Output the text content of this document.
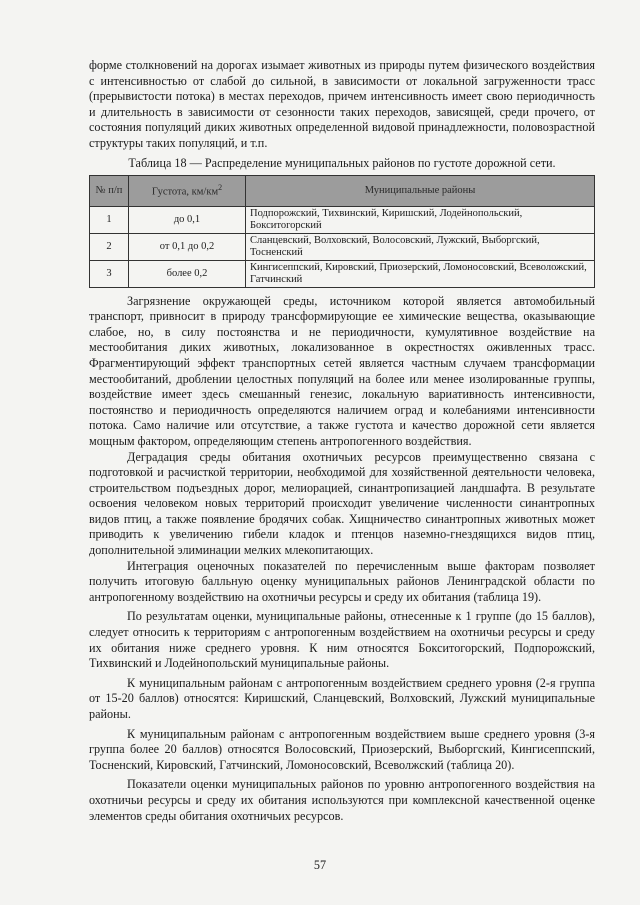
форме столкновений на дорогах изымает животных из природы путем физического воздействия с интенсивностью от слабой до сильной, в зависимости от локальной загруженности трасс (прерывистости потока) в местах переходов, причем интенсивность имеет свою периодичность и длительность в зависимости от сезонности таких переходов, зависящей, среди прочего, от состояния популяций диких животных определенной видовой принадлежности, половозрастной структуры таких популяций, и т.п.

Таблица 18 — Распределение муниципальных районов по густоте дорожной сети.
№ п/п	Густота, $км/км^2$	Муниципальные районы
1	до 0,1	Подпорожский, Тихвинский, Киришский, Лодейнопольский, Бокситогорский
2	от 0,1 до 0,2	Сланцевский, Волховский, Волосовский, Лужский, Выборгский, Тосненский
3	более 0,2	Кингисеппский, Кировский, Приозерский, Ломоносовский, Всеволожский, Гатчинский

Загрязнение окружающей среды, источником которой является автомобильный транспорт, привносит в природу трансформирующие ее химические вещества, оказывающие слабое, но, в силу постоянства и не периодичности, кумулятивное воздействие на местообитания диких животных, локализованное в окрестностях оживленных трасс. Фрагментирующий эффект транспортных сетей является частным случаем трансформации местообитаний, дроблении целостных популяций на более или менее изолированные группы, воздействие имеет здесь смешанный генезис, локальную вариативность интенсивности, постоянство и периодичность определяются наличием оград и колебаниями интенсивности потока. Само наличие или отсутствие, а также густота и качество дорожной сети является мощным фактором, определяющим степень антропогенного воздействия.

Деградация среды обитания охотничьих ресурсов преимущественно связана с подготовкой и расчисткой территории, необходимой для хозяйственной деятельности человека, строительством подъездных дорог, мелиорацией, синантропизацией ландшафта. В результате освоения человеком новых территорий происходит увеличение численности синантропных видов птиц, а также появление бродячих собак. Хищничество синантропных животных может приводить к увеличению гибели кладок и птенцов наземно-гнездящихся видов птиц, дополнительной элиминации мелких млекопитающих.

Интеграция оценочных показателей по перечисленным выше факторам позволяет получить итоговую балльную оценку муниципальных районов Ленинградской области по антропогенному воздействию на охотничьи ресурсы и среду их обитания (таблица 19).

По результатам оценки, муниципальные районы, отнесенные к 1 группе (до 15 баллов), следует относить к территориям с антропогенным воздействием на охотничьи ресурсы и среду их обитания ниже среднего уровня. К ним относятся Бокситогорский, Подпорожский, Тихвинский и Лодейнопольский муниципальные районы.

К муниципальным районам с антропогенным воздействием среднего уровня (2-я группа от 15-20 баллов) относятся: Киришский, Сланцевский, Волховский, Лужский муниципальные районы.

К муниципальным районам с антропогенным воздействием выше среднего уровня (3-я группа более 20 баллов) относятся Волосовский, Приозерский, Выборгский, Кингисеппский, Тосненский, Кировский, Гатчинский, Ломоносовский, Всеволжский (таблица 20).

Показатели оценки муниципальных районов по уровню антропогенного воздействия на охотничьи ресурсы и среду их обитания используются при комплексной качественной оценке элементов среды обитания охотничьих ресурсов.

57
